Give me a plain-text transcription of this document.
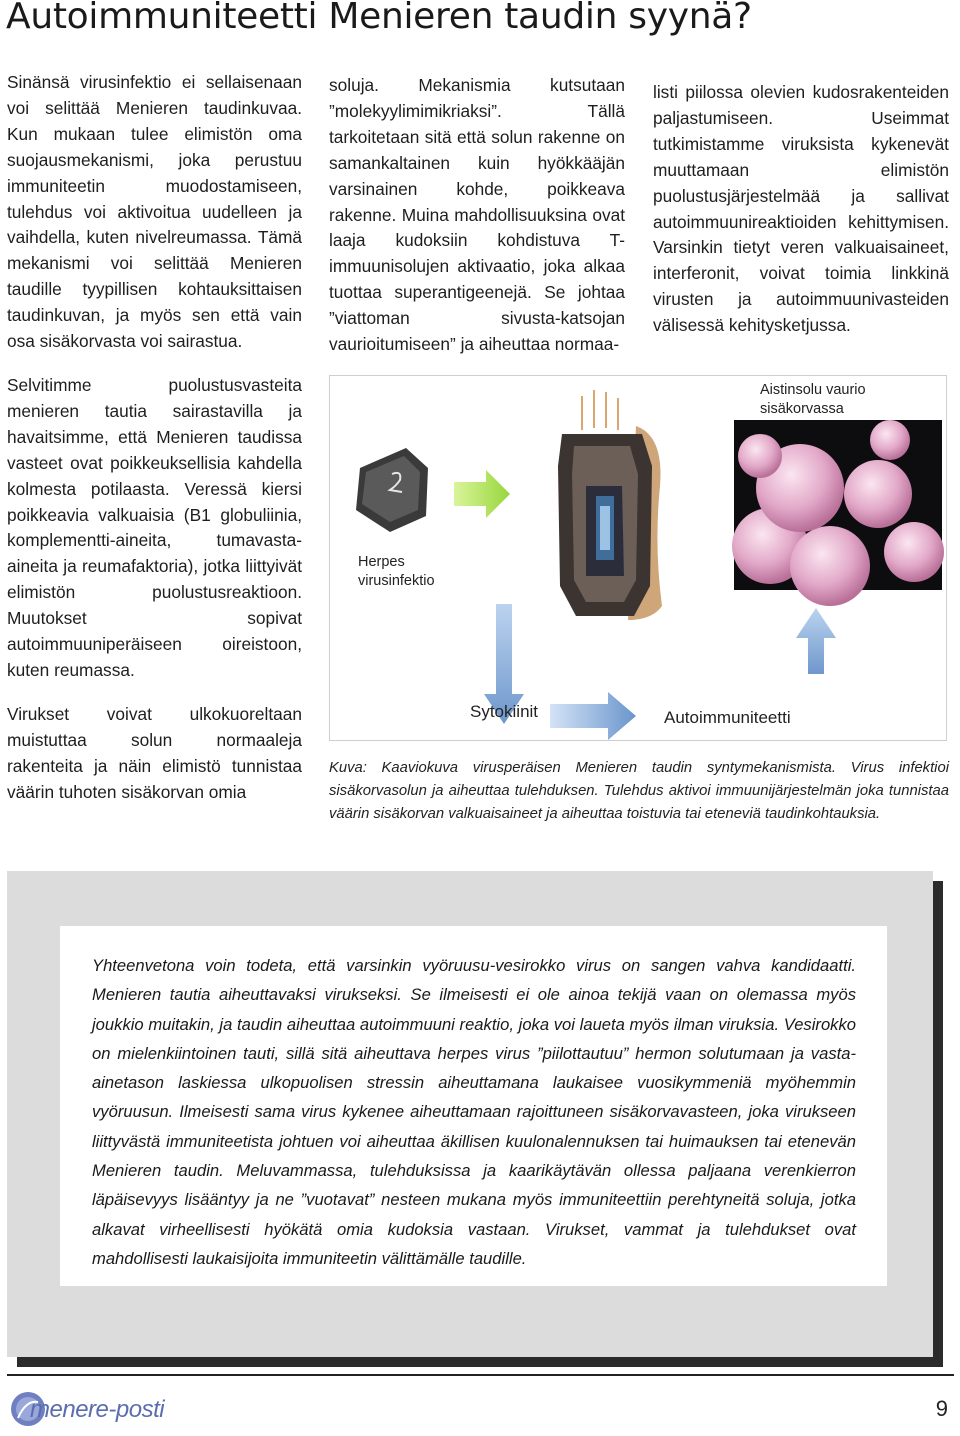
Autoimmuniteetti Menieren taudin syynä?

Sinänsä virusinfektio ei sellaisenaan voi selittää Menieren taudinkuvaa. Kun mukaan tulee elimistön oma suojausmekanismi, joka perustuu immuniteetin muodostamiseen, tulehdus voi aktivoitua uudelleen ja vaihdella, kuten nivelreumassa. Tämä mekanismi voi selittää Menieren taudille tyypillisen kohtauksittaisen taudinkuvan, ja myös sen että vain osa sisäkorvasta voi sairastua.

Selvitimme puolustusvasteita menieren tautia sairastavilla ja havaitsimme, että Menieren taudissa vasteet ovat poikkeuksellisia kahdella kolmesta potilaasta. Veressä kiersi poikkeavia valkuaisia (B1 globuliinia, komplementti-aineita, tumavasta-aineita ja reumafaktoria), jotka liittyivät elimistön puolustusreaktioon. Muutokset sopivat autoimmuuniperäiseen oireistoon, kuten reumassa.

Virukset voivat ulkokuoreltaan muistuttaa solun normaaleja rakenteita ja näin elimistö tunnistaa väärin tuhoten sisäkorvan omia

soluja. Mekanismia kutsutaan ”molekyylimimikriaksi”. Tällä tarkoitetaan sitä että solun rakenne on samankaltainen kuin hyökkääjän varsinainen kohde, poikkeava rakenne. Muina mahdollisuuksina ovat laaja kudoksiin kohdistuva T-immuunisolujen aktivaatio, joka alkaa tuottaa superantigeenejä. Se johtaa ”viattoman sivusta-katsojan vaurioitumiseen” ja aiheuttaa normaa-

listi piilossa olevien kudosrakenteiden paljastumiseen. Useimmat tutkimistamme viruksista kykenevät muuttamaan elimistön puolustusjärjestelmää ja sallivat autoimmuunireaktioiden kehittymisen. Varsinkin tietyt veren valkuaisaineet, interferonit, voivat toimia linkkinä virusten ja autoimmuunivasteiden välisessä kehitysketjussa.

Aistinsolu vaurio
sisäkorvassa
Herpes
virusinfektio
Sytokiinit	Autoimmuniteetti
Kuva: Kaaviokuva virusperäisen Menieren taudin syntymekanismista. Virus infektioi sisäkorvasolun ja aiheuttaa tulehduksen. Tulehdus aktivoi immuunijärjestelmän joka tunnistaa väärin sisäkorvan valkuaisaineet ja aiheuttaa toistuvia tai eteneviä taudinkohtauksia.
Yhteenvetona voin todeta, että varsinkin vyöruusu-vesirokko virus on sangen vahva kandidaatti. Menieren tautia aiheuttavaksi virukseksi. Se ilmeisesti ei ole ainoa tekijä vaan on olemassa myös joukkio muitakin, ja taudin aiheuttaa autoimmuuni reaktio, joka voi laueta myös ilman viruksia. Vesirokko on mielenkiintoinen tauti, sillä sitä aiheuttava herpes virus ”piilottautuu” hermon solutumaan ja vasta-ainetason laskiessa ulkopuolisen stressin aiheuttamana laukaisee vuosikymmeniä myöhemmin vyöruusun. Ilmeisesti sama virus kykenee aiheuttamaan rajoittuneen sisäkorvavasteen, joka virukseen liittyvästä immuniteetista johtuen voi aiheuttaa äkillisen kuulonalennuksen tai huimauksen tai etenevän Menieren taudin. Meluvammassa, tulehduksissa ja kaarikäytävän ollessa paljaana verenkierron läpäisevyys lisääntyy ja ne ”vuotavat” nesteen mukana myös immuniteettiin perehtyneitä soluja, jotka alkavat virheellisesti hyökätä omia kudoksia vastaan. Virukset, vammat ja tulehdukset ovat mahdollisesti laukaisijoita immuniteetin välittämälle taudille.
menere-posti	9
